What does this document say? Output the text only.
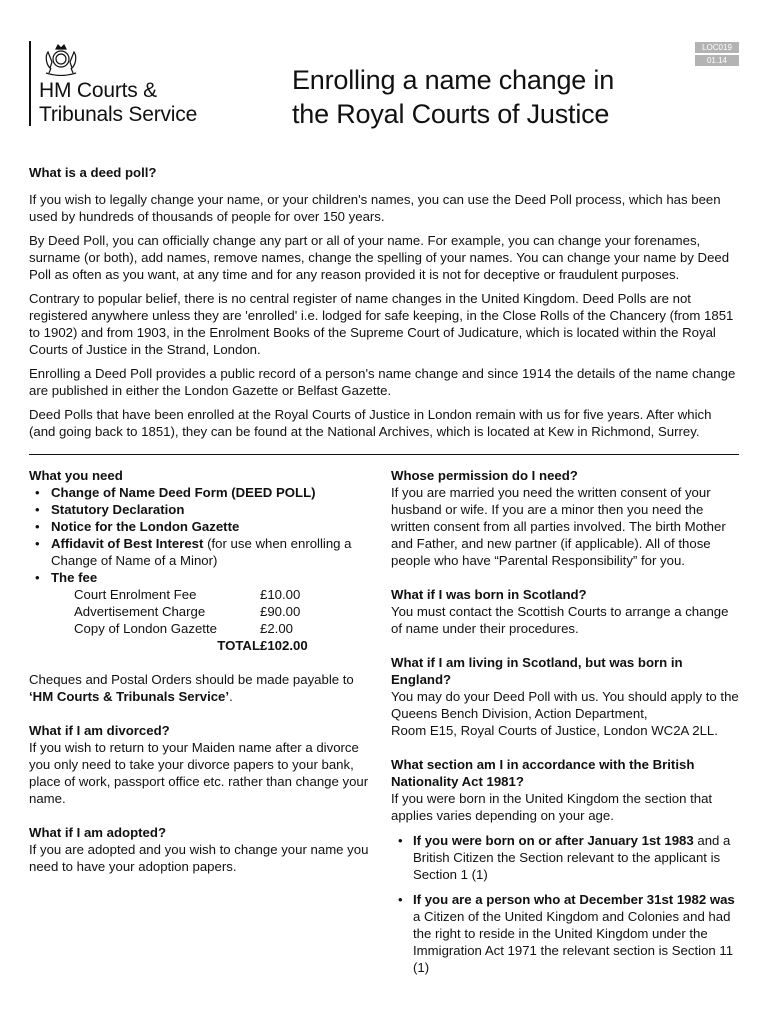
HM Courts &
Tribunals Service
Enrolling a name change in
the Royal Courts of Justice
LOC019
01.14
What is a deed poll?

If you wish to legally change your name, or your children's names, you can use the Deed Poll process, which has been used by hundreds of thousands of people for over 150 years.

By Deed Poll, you can officially change any part or all of your name. For example, you can change your forenames, surname (or both), add names, remove names, change the spelling of your names. You can change your name by Deed Poll as often as you want, at any time and for any reason provided it is not for deceptive or fraudulent purposes.

Contrary to popular belief, there is no central register of name changes in the United Kingdom. Deed Polls are not registered anywhere unless they are 'enrolled' i.e. lodged for safe keeping, in the Close Rolls of the Chancery (from 1851 to 1902) and from 1903, in the Enrolment Books of the Supreme Court of Judicature, which is located within the Royal Courts of Justice in the Strand, London.

Enrolling a Deed Poll provides a public record of a person's name change and since 1914 the details of the name change are published in either the London Gazette or Belfast Gazette.

Deed Polls that have been enrolled at the Royal Courts of Justice in London remain with us for five years. After which (and going back to 1851), they can be found at the National Archives, which is located at Kew in Richmond, Surrey.

What you need
• Change of Name Deed Form (DEED POLL)
• Statutory Declaration
• Notice for the London Gazette
• Affidavit of Best Interest (for use when enrolling a Change of Name of a Minor)
• The fee
Court Enrolment Fee	£10.00
Advertisement Charge	£90.00
Copy of London Gazette	£2.00
TOTAL	£102.00

Cheques and Postal Orders should be made payable to
‘HM Courts & Tribunals Service’.

What if I am divorced?

If you wish to return to your Maiden name after a divorce you only need to take your divorce papers to your bank, place of work, passport office etc. rather than change your name.

What if I am adopted?

If you are adopted and you wish to change your name you need to have your adoption papers.

Whose permission do I need?

If you are married you need the written consent of your husband or wife. If you are a minor then you need the written consent from all parties involved. The birth Mother and Father, and new partner (if applicable). All of those people who have “Parental Responsibility” for you.

What if I was born in Scotland?

You must contact the Scottish Courts to arrange a change of name under their procedures.

What if I am living in Scotland, but was born in England?

You may do your Deed Poll with us. You should apply to the Queens Bench Division, Action Department,
Room E15, Royal Courts of Justice, London WC2A 2LL.

What section am I in accordance with the British Nationality Act 1981?

If you were born in the United Kingdom the section that applies varies depending on your age.

• If you were born on or after January 1st 1983 and a British Citizen the Section relevant to the applicant is Section 1 (1)
• If you are a person who at December 31st 1982 was a Citizen of the United Kingdom and Colonies and had the right to reside in the United Kingdom under the Immigration Act 1971 the relevant section is Section 11 (1)
